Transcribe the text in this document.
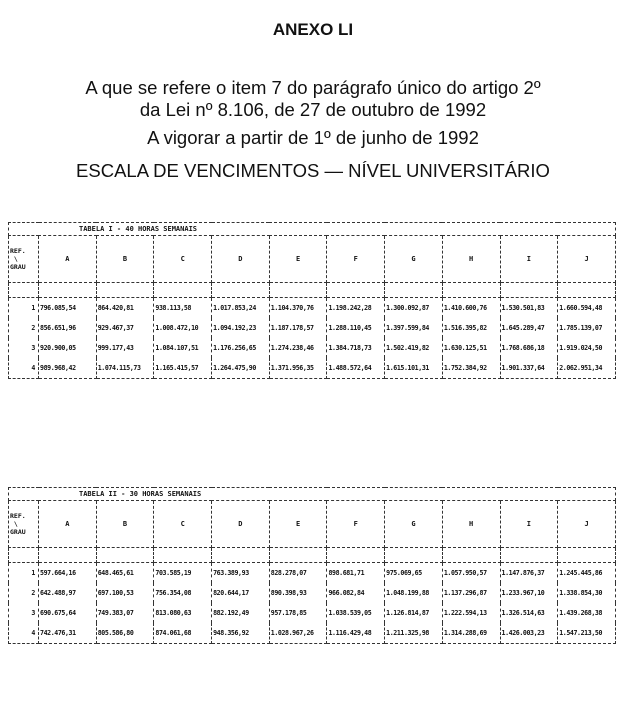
ANEXO LI
A que se refere o item 7 do parágrafo único do artigo 2º
da Lei nº 8.106, de 27 de outubro de 1992
A vigorar a partir de 1º de junho de 1992
ESCALA DE VENCIMENTOS — NÍVEL UNIVERSITÁRIO
TABELA I - 40 HORAS SEMANAIS										
REF.
\
GRAU	A	B	C	D	E	F	G	H	I	J

1	796.085,54	864.420,81	938.113,58	1.017.853,24	1.104.370,76	1.198.242,28	1.300.092,87	1.410.600,76	1.530.501,83	1.660.594,48
2	856.651,96	929.467,37	1.008.472,10	1.094.192,23	1.187.178,57	1.288.110,45	1.397.599,84	1.516.395,82	1.645.289,47	1.785.139,07
3	920.900,05	999.177,43	1.084.107,51	1.176.256,65	1.274.238,46	1.384.718,73	1.502.419,82	1.630.125,51	1.768.686,18	1.919.024,50
4	989.968,42	1.074.115,73	1.165.415,57	1.264.475,90	1.371.956,35	1.488.572,64	1.615.101,31	1.752.384,92	1.901.337,64	2.062.951,34
TABELA II - 30 HORAS SEMANAIS										
REF.
\
GRAU	A	B	C	D	E	F	G	H	I	J

1	597.664,16	648.465,61	703.585,19	763.389,93	828.278,07	898.681,71	975.069,65	1.057.950,57	1.147.876,37	1.245.445,86
2	642.488,97	697.100,53	756.354,08	820.644,17	890.398,93	966.082,84	1.048.199,88	1.137.296,87	1.233.967,10	1.338.854,30
3	690.675,64	749.383,07	813.080,63	882.192,49	957.178,85	1.038.539,05	1.126.814,87	1.222.594,13	1.326.514,63	1.439.268,38
4	742.476,31	805.586,80	874.061,68	948.356,92	1.028.967,26	1.116.429,48	1.211.325,98	1.314.288,69	1.426.003,23	1.547.213,50
